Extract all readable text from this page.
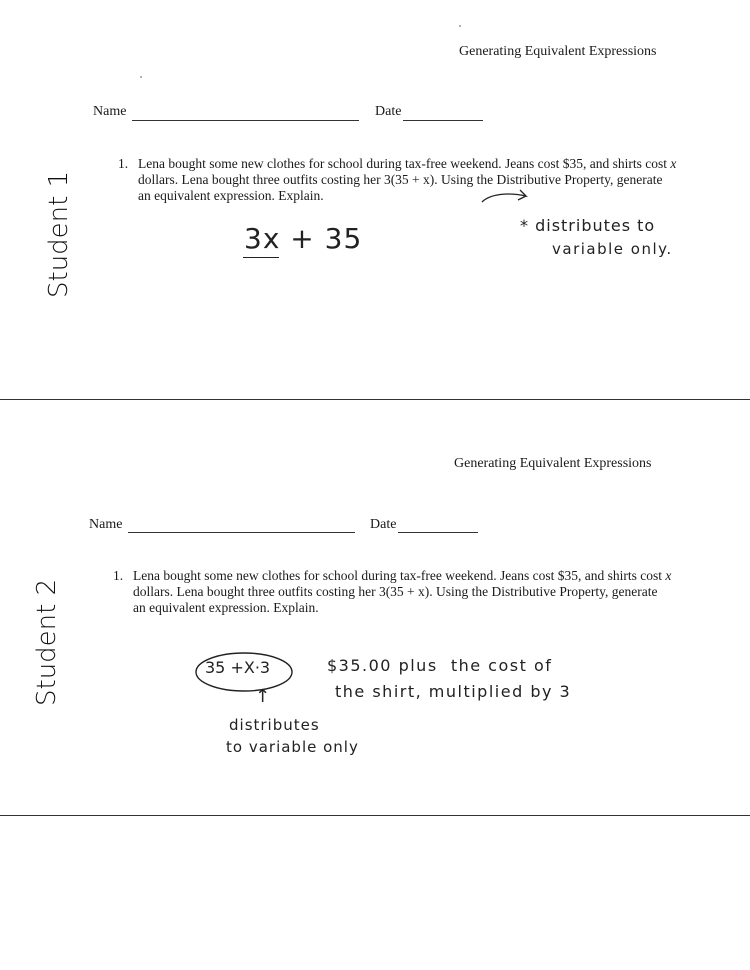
Generating Equivalent Expressions
Name	Date
1. Lena bought some new clothes for school during tax-free weekend. Jeans cost $35, and shirts cost x dollars. Lena bought three outfits costing her 3(35 + x). Using the Distributive Property, generate an equivalent expression. Explain.
3x + 35	* distributes to
variable only.
Student 1
Generating Equivalent Expressions
Name	Date
1. Lena bought some new clothes for school during tax-free weekend. Jeans cost $35, and shirts cost x dollars. Lena bought three outfits costing her 3(35 + x). Using the Distributive Property, generate an equivalent expression. Explain.
35 +X·3	$35.00 plus  the cost of
the shirt, multiplied by 3
↑
distributes
to variable only
Student 2
